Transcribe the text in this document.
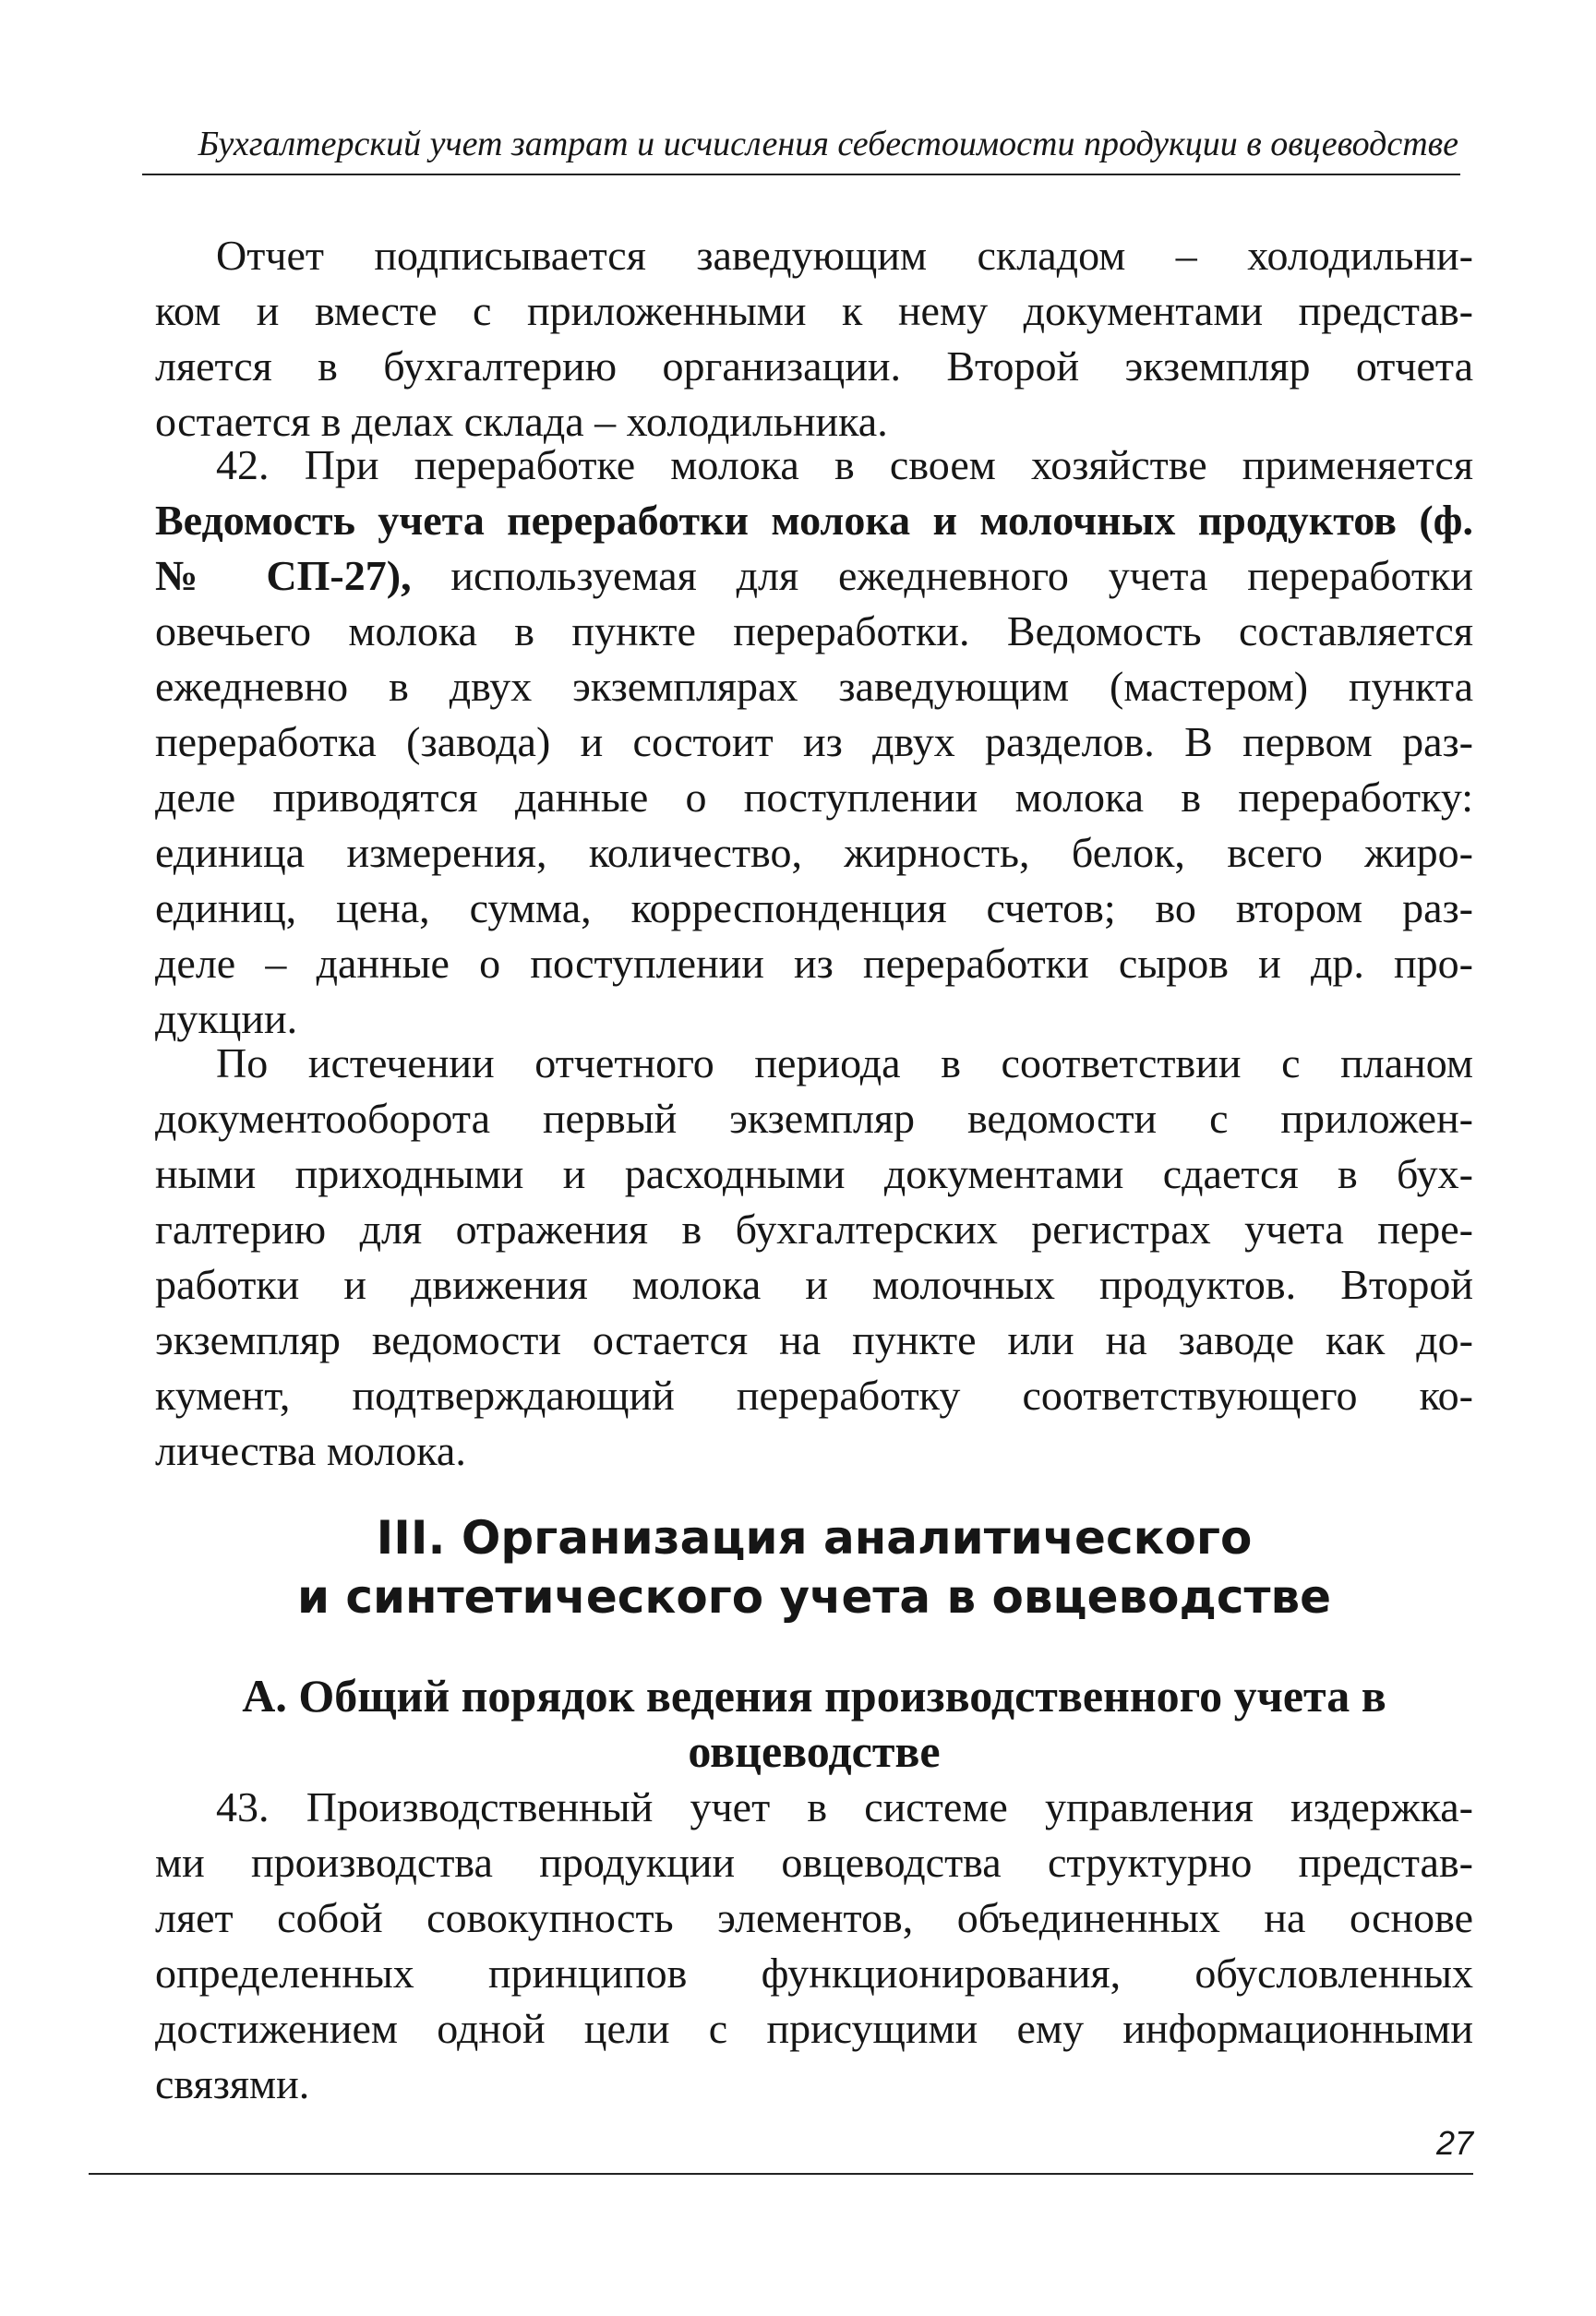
Бухгалтерский учет затрат и исчисления себестоимости продукции в овцеводстве
Отчет подписывается заведующим складом – холодильни-
ком и вместе с приложенными к нему документами представ-
ляется в бухгалтерию организации. Второй экземпляр отчета
остается в делах склада – холодильника.
42. При переработке молока в своем хозяйстве применяется
Ведомость учета переработки молока и молочных продуктов (ф.
№ СП-27), используемая для ежедневного учета переработки
овечьего молока в пункте переработки. Ведомость составляется
ежедневно в двух экземплярах заведующим (мастером) пункта
переработка (завода) и состоит из двух разделов. В первом раз-
деле приводятся данные о поступлении молока в переработку:
единица измерения, количество, жирность, белок, всего жиро-
единиц, цена, сумма, корреспонденция счетов; во втором раз-
деле – данные о поступлении из переработки сыров и др. про-
дукции.
По истечении отчетного периода в соответствии с планом
документооборота первый экземпляр ведомости с приложен-
ными приходными и расходными документами сдается в бух-
галтерию для отражения в бухгалтерских регистрах учета пере-
работки и движения молока и молочных продуктов. Второй
экземпляр ведомости остается на пункте или на заводе как до-
кумент, подтверждающий переработку соответствующего ко-
личества молока.
III. Организация аналитического
и синтетического учета в овцеводстве
А. Общий порядок ведения производственного учета в
овцеводстве
43. Производственный учет в системе управления издержка-
ми производства продукции овцеводства структурно представ-
ляет собой совокупность элементов, объединенных на основе
определенных принципов функционирования, обусловленных
достижением одной цели с присущими ему информационными
связями.
27
